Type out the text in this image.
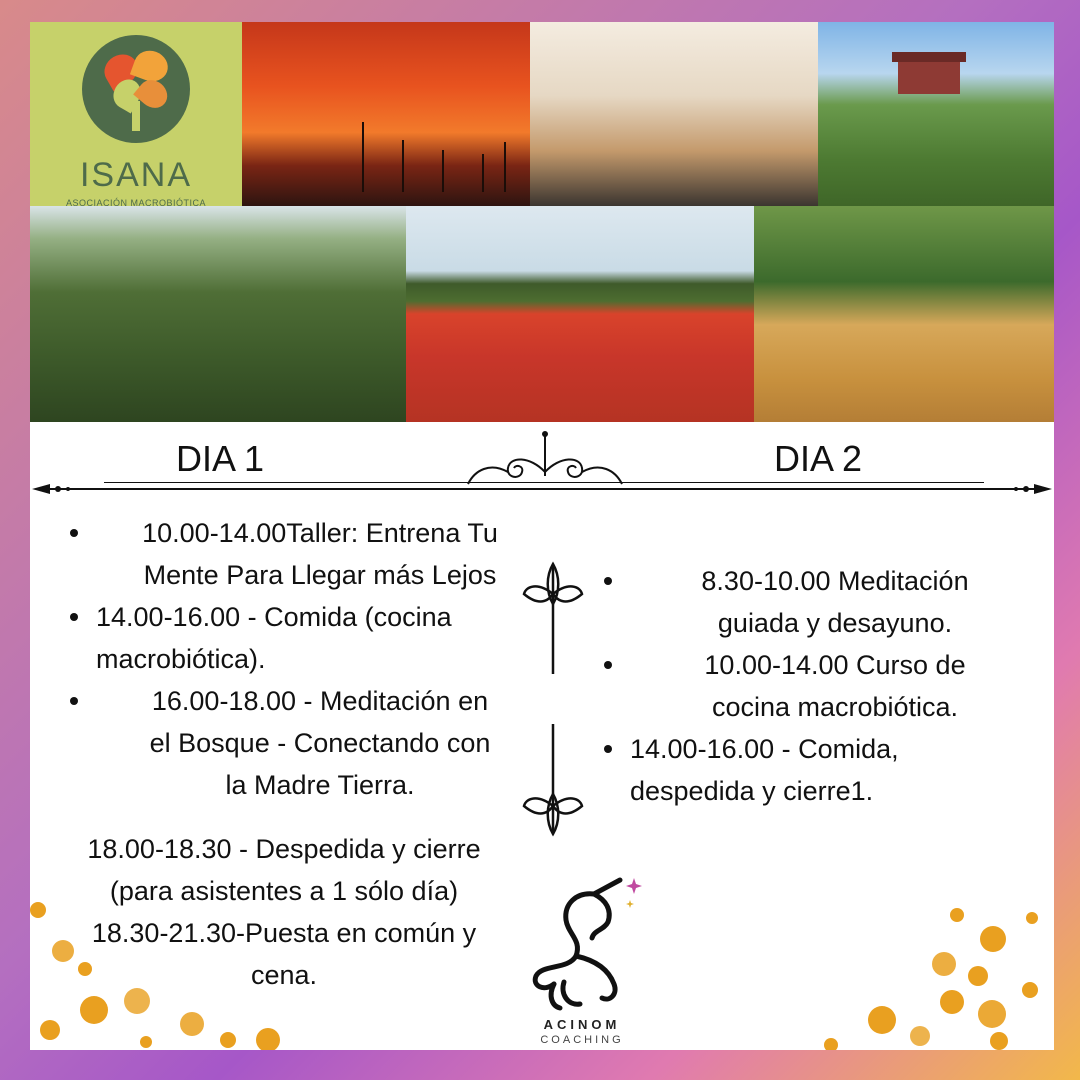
ISANA
ASOCIACIÓN MACROBIÓTICA
DIA 1	DIA 2
10.00-14.00Taller: Entrena Tu
Mente Para Llegar más Lejos
14.00-16.00 - Comida (cocina
macrobiótica).
16.00-18.00 - Meditación en
el Bosque - Conectando con
la Madre Tierra.
18.00-18.30 - Despedida y cierre
(para asistentes a 1 sólo día)
18.30-21.30-Puesta en común y
cena.
8.30-10.00 Meditación
guiada y desayuno.
10.00-14.00 Curso de
cocina macrobiótica.
14.00-16.00 - Comida,
despedida y cierre1.
ACINOM
COACHING
